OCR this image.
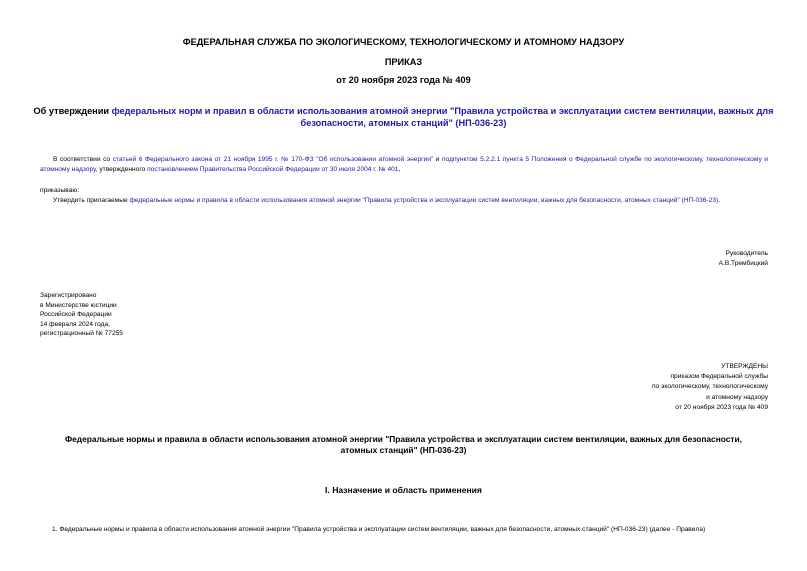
ФЕДЕРАЛЬНАЯ СЛУЖБА ПО ЭКОЛОГИЧЕСКОМУ, ТЕХНОЛОГИЧЕСКОМУ И АТОМНОМУ НАДЗОРУ
ПРИКАЗ
от 20 ноября 2023 года № 409
Об утверждении федеральных норм и правил в области использования атомной энергии "Правила устройства и эксплуатации систем вентиляции, важных для
безопасности, атомных станций" (НП-036-23)
В соответствии со статьей 6 Федерального закона от 21 ноября 1995 г. № 170-ФЗ "Об использовании атомной энергии" и подпунктом 5.2.2.1 пункта 5 Положения о Федеральной службе по экологическому, технологическому и атомному надзору, утвержденного постановлением Правительства Российской Федерации от 30 июля 2004 г. № 401,
приказываю:
Утвердить прилагаемые федеральные нормы и правила в области использования атомной энергии "Правила устройства и эксплуатации систем вентиляции, важных для безопасности, атомных станций" (НП-036-23).
Руководитель
А.В.Трембицкий
Зарегистрировано
в Министерстве юстиции
Российской Федерации
14 февраля 2024 года,
регистрационный № 77255
УТВЕРЖДЕНЫ
приказом Федеральной службы
по экологическому, технологическому
и атомному надзору
от 20 ноября 2023 года № 409
Федеральные нормы и правила в области использования атомной энергии "Правила устройства и эксплуатации систем вентиляции, важных для безопасности,
атомных станций" (НП-036-23)
I. Назначение и область применения
1. Федеральные нормы и правила в области использования атомной энергии "Правила устройства и эксплуатации систем вентиляции, важных для безопасности, атомных станций" (НП-036-23) (далее - Правила)
